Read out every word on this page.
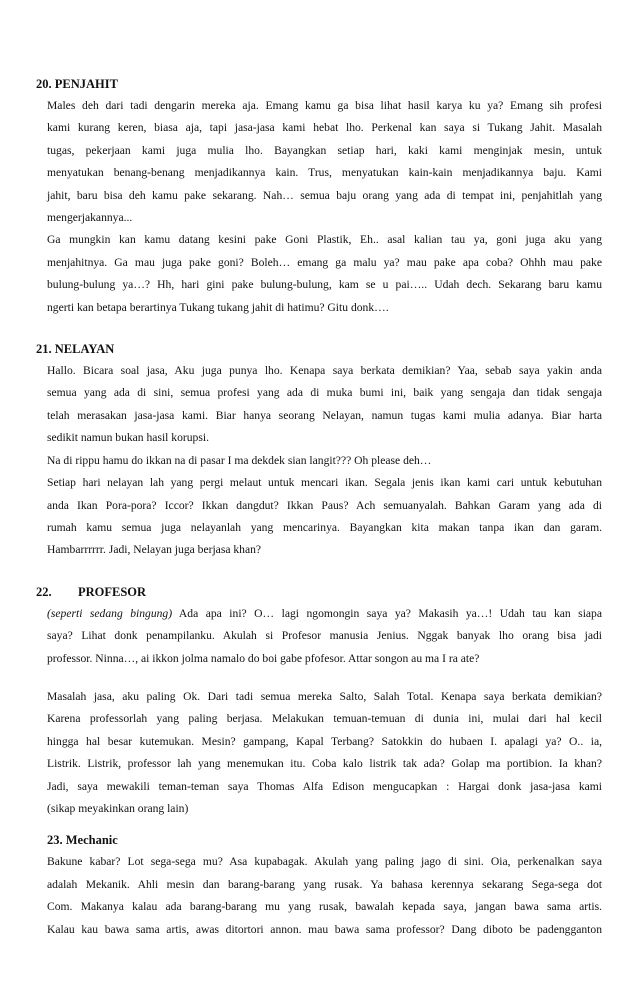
20. PENJAHIT
Males deh dari tadi dengarin mereka aja. Emang kamu ga bisa lihat hasil karya ku ya? Emang sih profesi
kami kurang keren, biasa aja, tapi jasa-jasa kami hebat lho. Perkenal kan saya si Tukang Jahit. Masalah
tugas, pekerjaan kami juga mulia lho. Bayangkan setiap hari, kaki kami menginjak mesin, untuk
menyatukan benang-benang menjadikannya kain. Trus, menyatukan kain-kain menjadikannya baju. Kami
jahit, baru bisa deh kamu pake sekarang. Nah… semua baju orang yang ada di tempat ini, penjahitlah yang
mengerjakannya...
Ga mungkin kan kamu datang kesini pake Goni Plastik, Eh.. asal kalian tau ya, goni juga aku yang
menjahitnya. Ga mau juga pake goni? Boleh… emang ga malu ya? mau pake apa coba? Ohhh mau pake
bulung-bulung ya…? Hh, hari gini pake bulung-bulung, kam se u pai….. Udah dech. Sekarang baru kamu
ngerti kan betapa berartinya Tukang tukang jahit di hatimu? Gitu donk….
21. NELAYAN
Hallo. Bicara soal jasa, Aku juga punya lho. Kenapa saya berkata demikian? Yaa, sebab saya yakin anda
semua yang ada di sini, semua profesi yang ada di muka bumi ini, baik yang sengaja dan tidak sengaja
telah merasakan jasa-jasa kami. Biar hanya seorang Nelayan, namun tugas kami mulia adanya. Biar harta
sedikit namun bukan hasil korupsi.
Na di rippu hamu do ikkan na di pasar I ma dekdek sian langit??? Oh please deh…
Setiap hari nelayan lah yang pergi melaut untuk mencari ikan. Segala jenis ikan kami cari untuk kebutuhan
anda Ikan Pora-pora? Iccor? Ikkan dangdut? Ikkan Paus? Ach semuanyalah. Bahkan Garam yang ada di
rumah kamu semua juga nelayanlah yang mencarinya. Bayangkan kita makan tanpa ikan dan garam.
Hambarrrrrr. Jadi, Nelayan juga berjasa khan?
22. PROFESOR
(seperti sedang bingung) Ada apa ini? O… lagi ngomongin saya ya? Makasih ya…! Udah tau kan siapa
saya? Lihat donk penampilanku. Akulah si Profesor manusia Jenius. Nggak banyak lho orang bisa jadi
professor. Ninna…, ai ikkon jolma namalo do boi gabe pfofesor. Attar songon au ma I ra ate?
Masalah jasa, aku paling Ok. Dari tadi semua mereka Salto, Salah Total. Kenapa saya berkata demikian?
Karena professorlah yang paling berjasa. Melakukan temuan-temuan di dunia ini, mulai dari hal kecil
hingga hal besar kutemukan. Mesin? gampang, Kapal Terbang? Satokkin do hubaen I. apalagi ya? O.. ia,
Listrik. Listrik, professor lah yang menemukan itu. Coba kalo listrik tak ada? Golap ma portibion. Ia khan?
Jadi, saya mewakili teman-teman saya Thomas Alfa Edison mengucapkan : Hargai donk jasa-jasa kami
(sikap meyakinkan orang lain)
23. Mechanic
Bakune kabar? Lot sega-sega mu? Asa kupabagak. Akulah yang paling jago di sini. Oia, perkenalkan saya
adalah Mekanik. Ahli mesin dan barang-barang yang rusak. Ya bahasa kerennya sekarang Sega-sega dot
Com. Makanya kalau ada barang-barang mu yang rusak, bawalah kepada saya, jangan bawa sama artis.
Kalau kau bawa sama artis, awas ditortori annon. mau bawa sama professor? Dang diboto be padengganton
